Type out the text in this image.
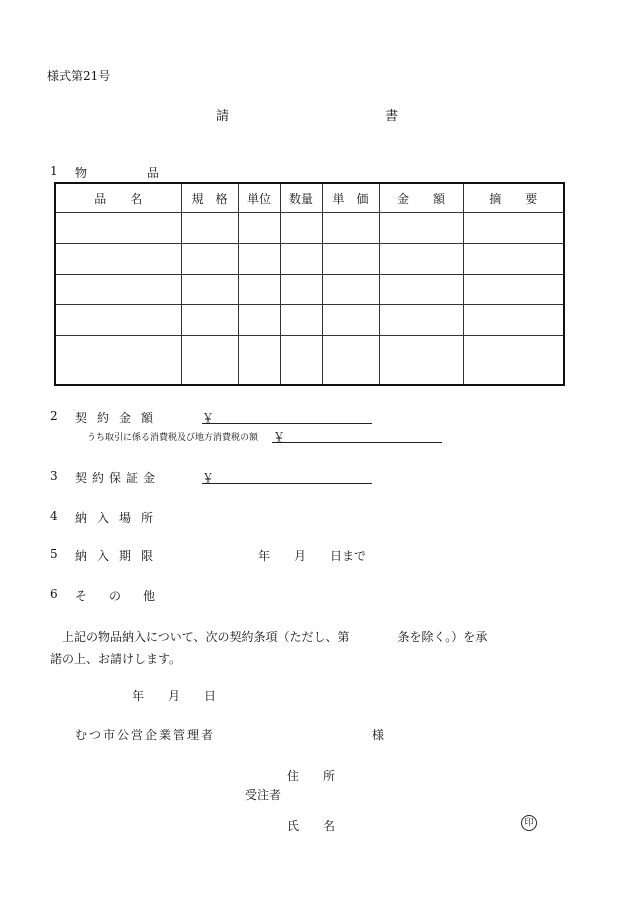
様式第21号
請	書
1 物　　品
品　　名	規　格	単位	数量	単　価	金　　額	摘　　要

2 契約金額	￥
うち取引に係る消費税及び地方消費税の額 ￥
3 契約保証金	￥
4 納入場所
5 納入期限	年　　月　　日まで
6 その他
上記の物品納入について、次の契約条項（ただし、第　　　　条を除く。）を承
諾の上、お請けします。
年　　月　　日
むつ市公営企業管理者	様
住　　所
受注者
氏　　名	印
